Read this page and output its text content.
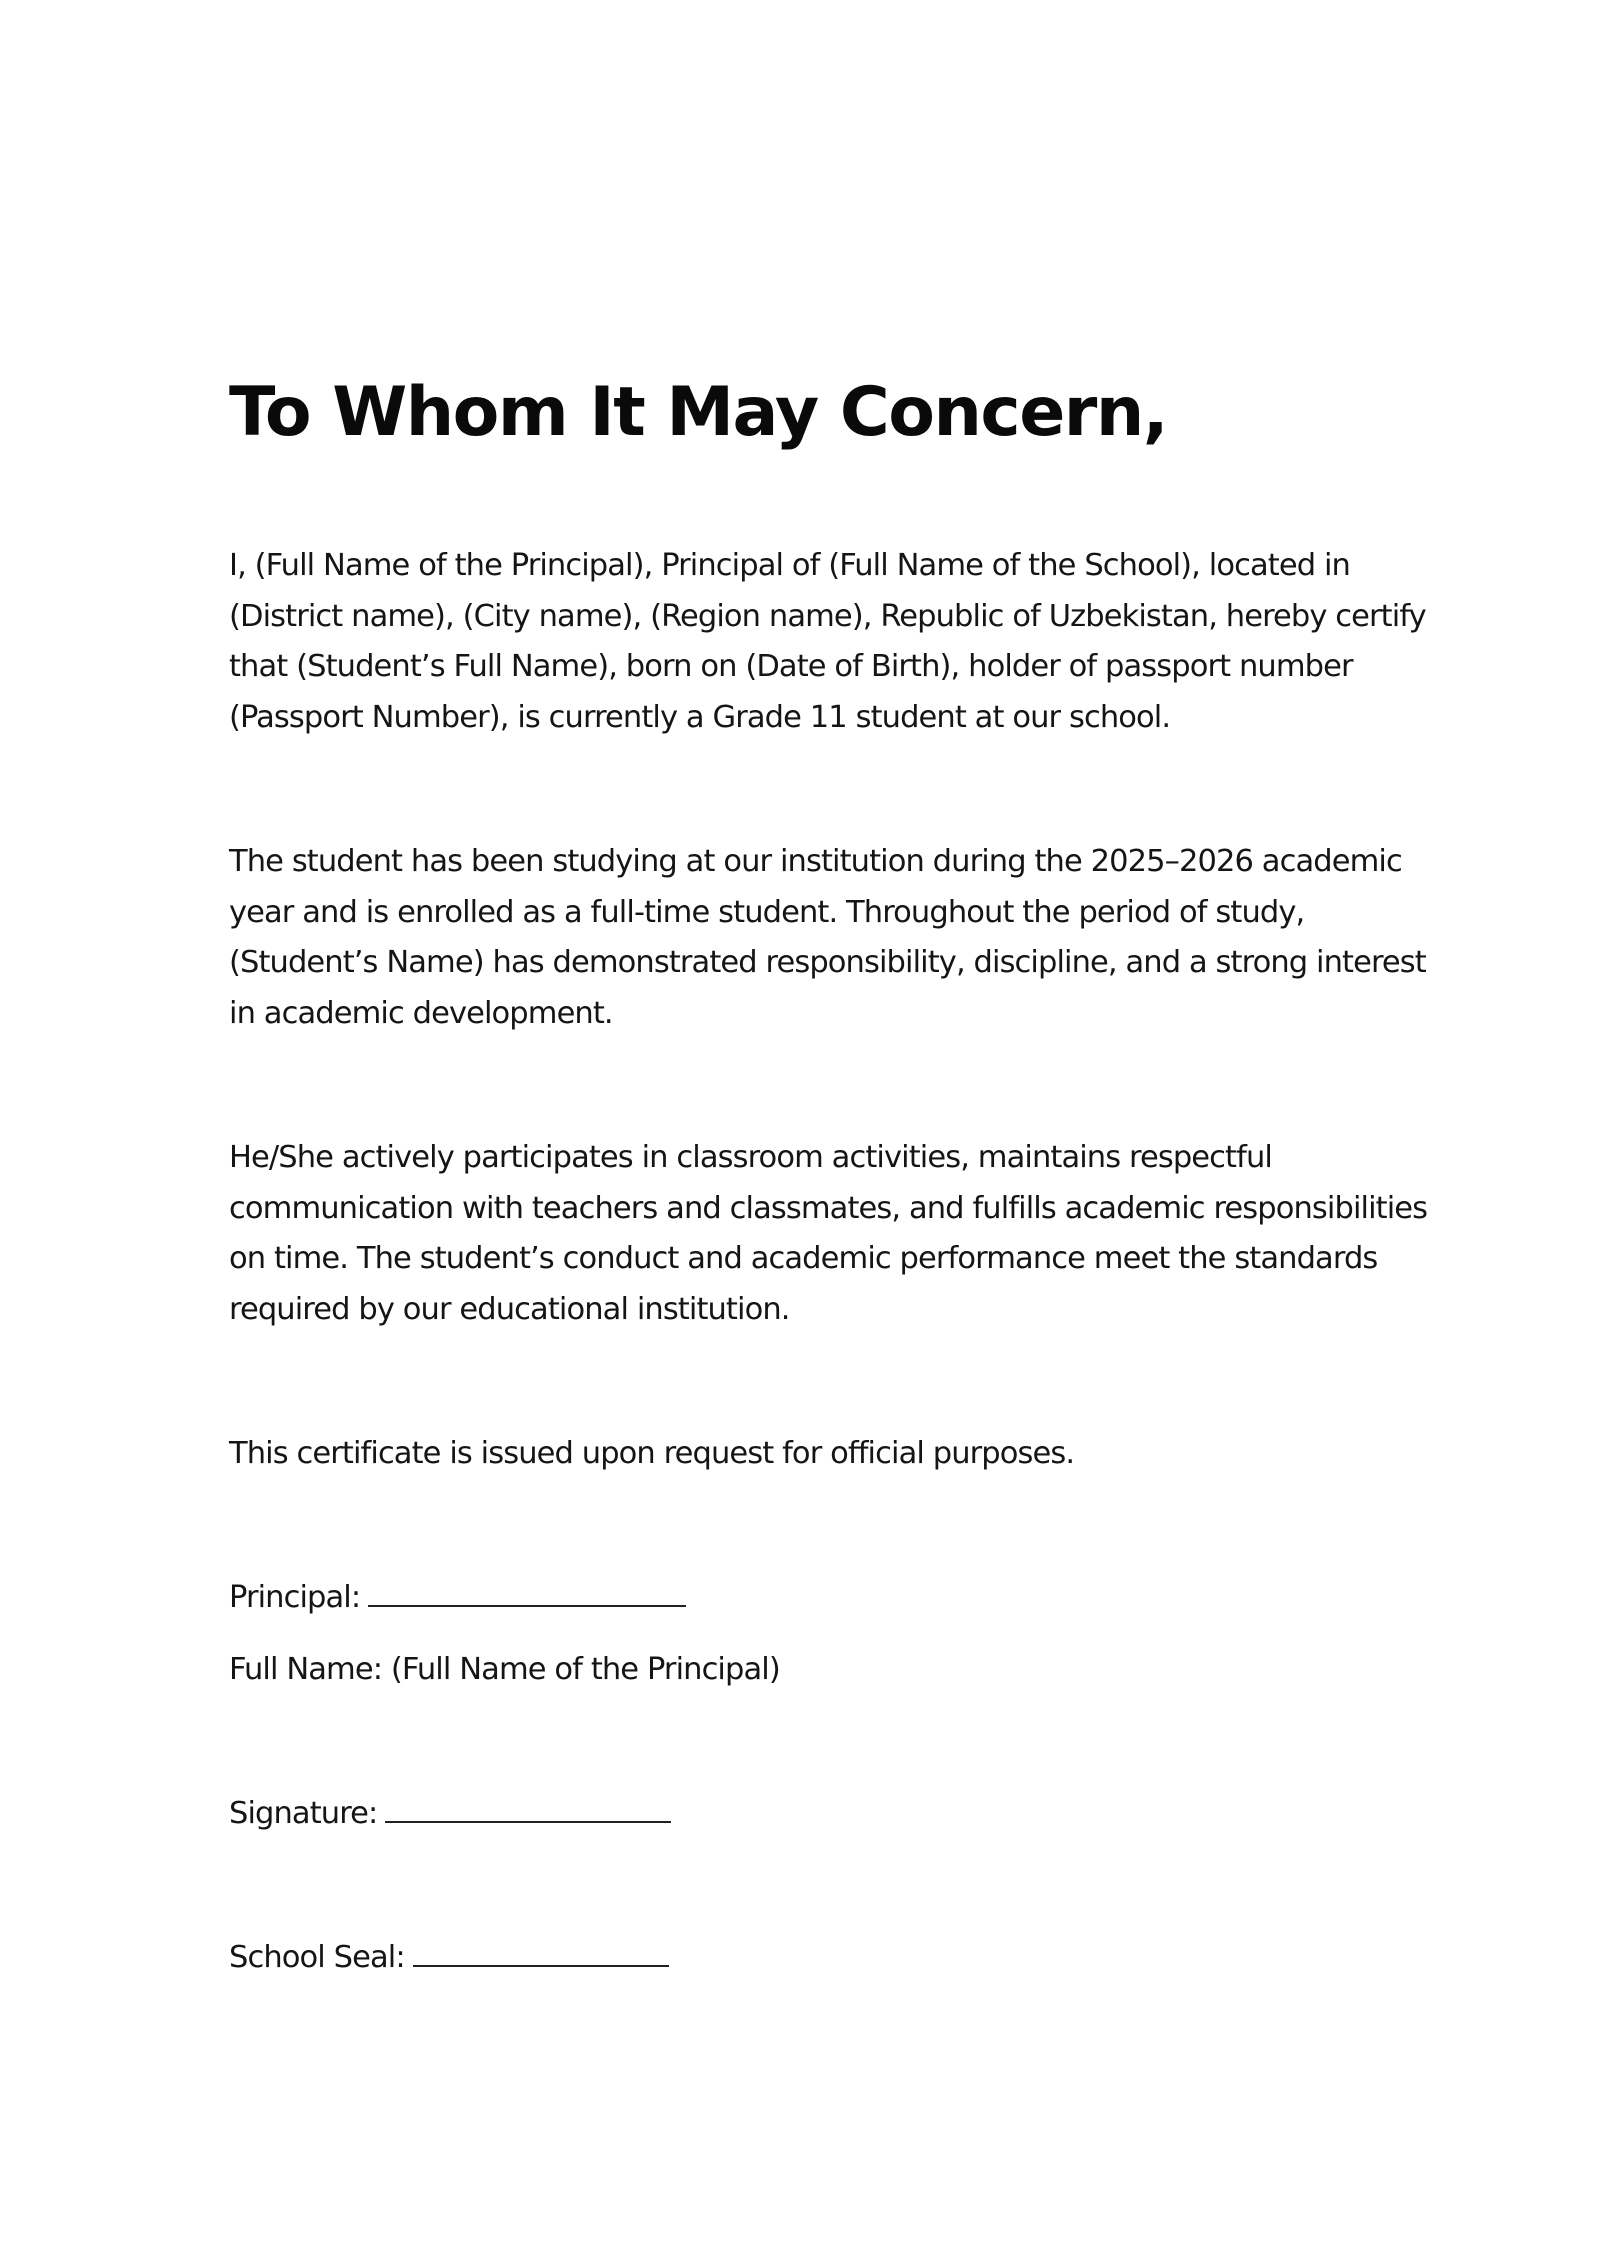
To Whom It May Concern,

I, (Full Name of the Principal), Principal of (Full Name of the School), located in
(District name), (City name), (Region name), Republic of Uzbekistan, hereby certify
that (Student’s Full Name), born on (Date of Birth), holder of passport number
(Passport Number), is currently a Grade 11 student at our school.

The student has been studying at our institution during the 2025–2026 academic
year and is enrolled as a full-time student. Throughout the period of study,
(Student’s Name) has demonstrated responsibility, discipline, and a strong interest
in academic development.

He/She actively participates in classroom activities, maintains respectful
communication with teachers and classmates, and fulfills academic responsibilities
on time. The student’s conduct and academic performance meet the standards
required by our educational institution.

This certificate is issued upon request for official purposes.

Principal:

Full Name: (Full Name of the Principal)

Signature:

School Seal:
